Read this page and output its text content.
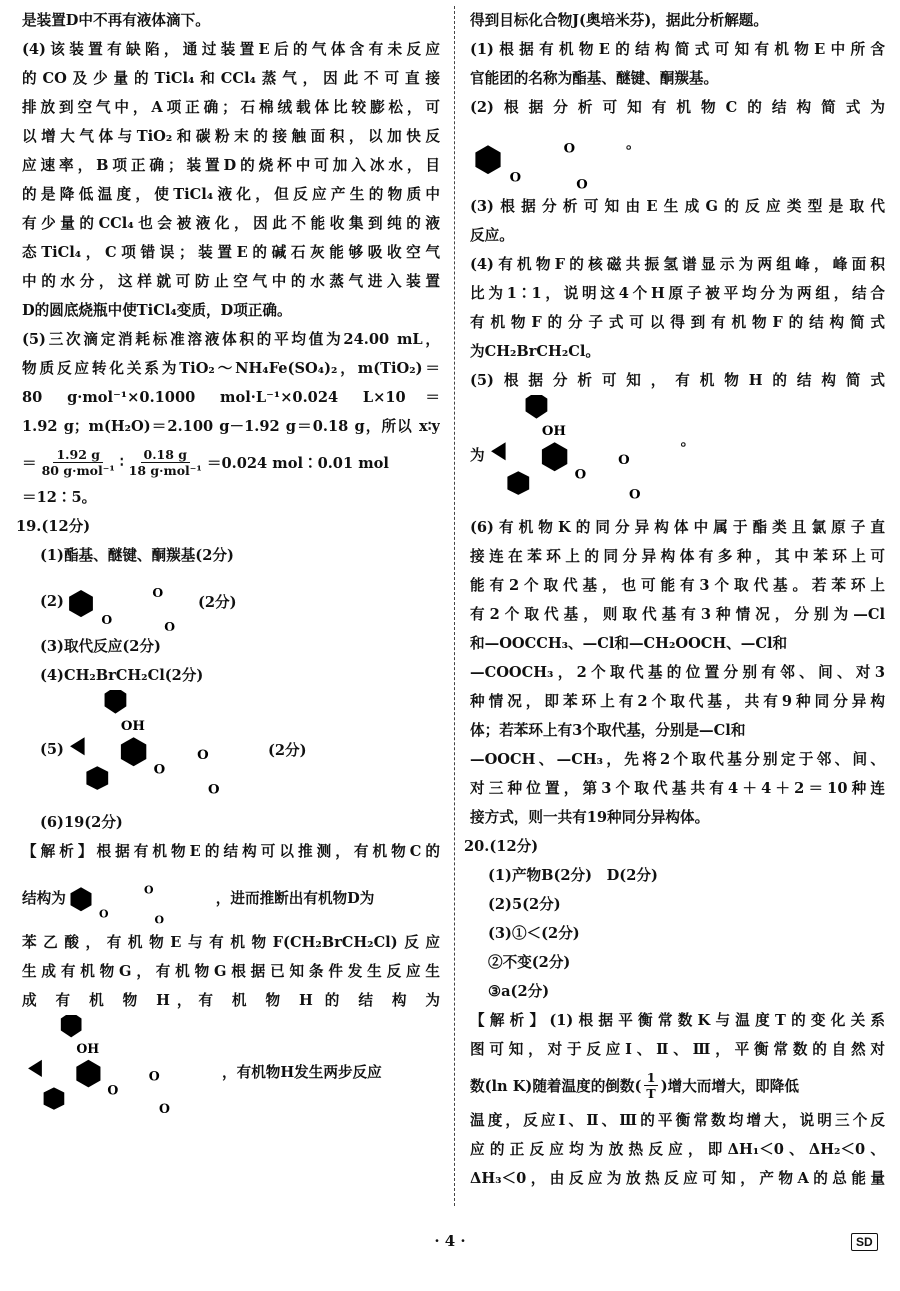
是装置D中不再有液体滴下。
(4)该装置有缺陷，通过装置E后的气体含有未反应
的CO及少量的TiCl₄和CCl₄蒸气，因此不可直接
排放到空气中，A项正确；石棉绒载体比较膨松，可
以增大气体与TiO₂和碳粉末的接触面积，以加快反
应速率，B项正确；装置D的烧杯中可加入冰水，目
的是降低温度，使TiCl₄液化，但反应产生的物质中
有少量的CCl₄也会被液化，因此不能收集到纯的液
态TiCl₄，C项错误；装置E的碱石灰能够吸收空气
中的水分，这样就可防止空气中的水蒸气进入装置
D的圆底烧瓶中使TiCl₄变质，D项正确。
(5)三次滴定消耗标准溶液体积的平均值为24.00 mL，
物质反应转化关系为TiO₂～NH₄Fe(SO₄)₂，m(TiO₂)＝
80 g·mol⁻¹×0.1000 mol·L⁻¹×0.024 L×10＝
1.92 g；m(H₂O)＝2.100 g－1.92 g＝0.18 g，所以 x∶y
＝ $\frac{1.92 g}{\text{80 g·mol⁻¹}}$ ∶ $\frac{0.18 g}{\text{18 g·mol⁻¹}} =0.024$ mol∶0.01 mol
＝12∶5。
19.(12分)
(1)酯基、醚键、酮羰基(2分)
(2)	(2分)
(3)取代反应(2分)
(4)CH₂BrCH₂Cl(2分)
(5)	(2分)
(6)19(2分)
【解析】根据有机物E的结构可以推测，有机物C的
结构为	，进而推断出有机物D为
苯乙酸，有机物E与有机物F(CH₂BrCH₂Cl)反应
生成有机物G，有机物G根据已知条件发生反应生
成 有 机 物 H，有 机 物 H 的 结 构 为
，有机物H发生两步反应
得到目标化合物J(奥培米芬)，据此分析解题。
(1)根据有机物E的结构简式可知有机物E中所含
官能团的名称为酯基、醚键、酮羰基。
(2)根据分析可知有机物C的结构简式为
。
(3)根据分析可知由E生成G的反应类型是取代
反应。
(4)有机物F的核磁共振氢谱显示为两组峰，峰面积
比为1∶1，说明这4个H原子被平均分为两组，结合
有机物F的分子式可以得到有机物F的结构简式
为CH₂BrCH₂Cl。
(5)根据分析可知，有机物H的结构简式
为
。
(6)有机物K的同分异构体中属于酯类且氯原子直
接连在苯环上的同分异构体有多种，其中苯环上可
能有2个取代基，也可能有3个取代基。若苯环上
有2个取代基，则取代基有3种情况，分别为—Cl
和—OOCCH₃、—Cl和—CH₂OOCH、—Cl和
—COOCH₃，2个取代基的位置分别有邻、间、对3
种情况，即苯环上有2个取代基，共有9种同分异构
体；若苯环上有3个取代基，分别是—Cl和
—OOCH、—CH₃，先将2个取代基分别定于邻、间、
对三种位置，第3个取代基共有4＋4＋2＝10种连
接方式，则一共有19种同分异构体。
20.(12分)
(1)产物B(2分)　D(2分)
(2)5(2分)
(3)①＜(2分)
②不变(2分)
③a(2分)
【解析】(1)根据平衡常数K与温度T的变化关系
图可知，对于反应Ⅰ、Ⅱ、Ⅲ，平衡常数的自然对
数(ln K)随着温度的倒数( $\frac{1}{T}$ )增大而增大，即降低
温度，反应Ⅰ、Ⅱ、Ⅲ的平衡常数均增大，说明三个反
应的正反应均为放热反应，即ΔH₁＜0、ΔH₂＜0、
ΔH₃＜0，由反应为放热反应可知，产物A的总能量
· 4 ·	SD
